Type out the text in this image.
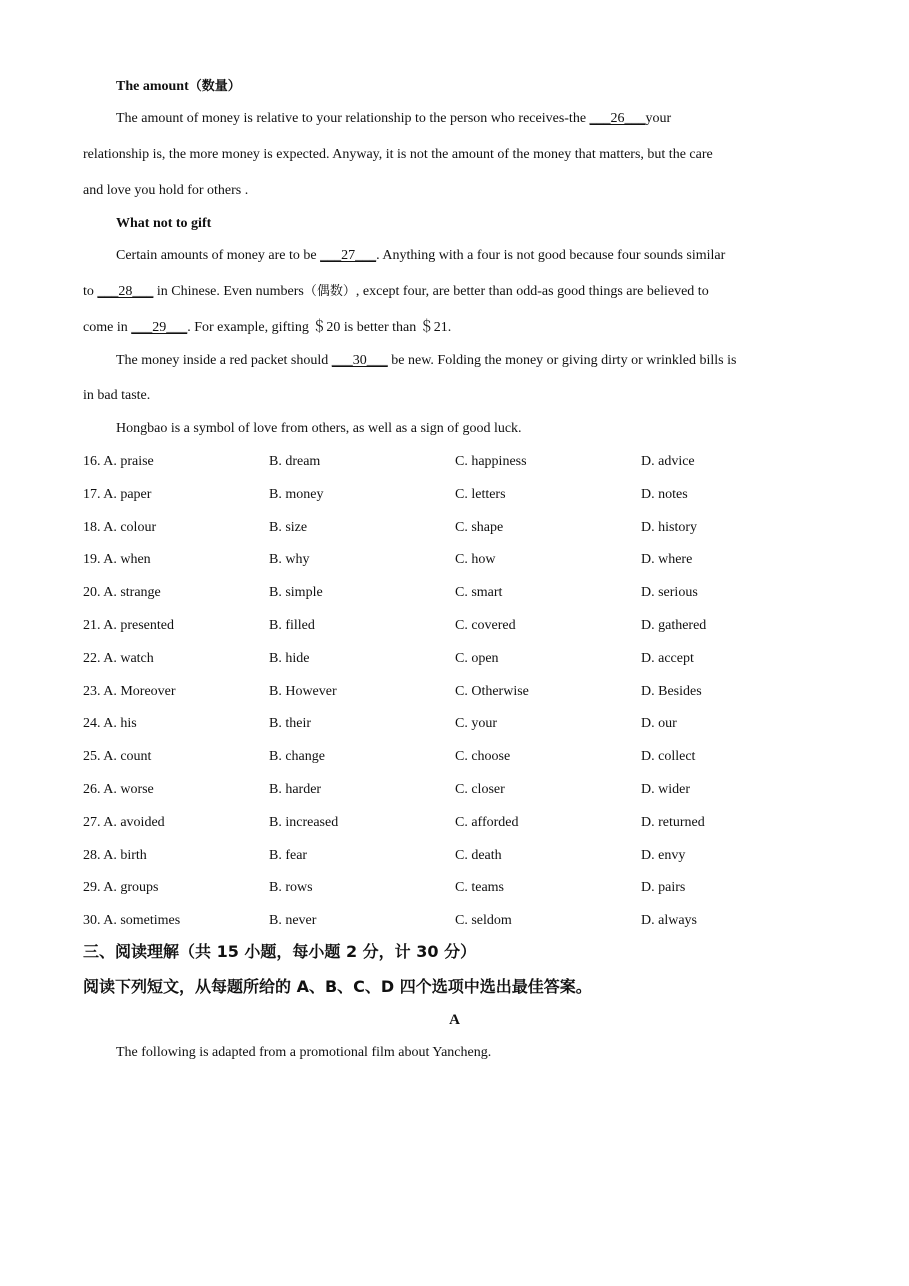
The amount（数量）
The amount of money is relative to your relationship to the person who receives-the ___26___your
relationship is, the more money is expected. Anyway, it is not the amount of the money that matters, but the care
and love you hold for others .
What not to gift
Certain amounts of money are to be ___27___. Anything with a four is not good because four sounds similar
to ___28___ in Chinese. Even numbers（偶数）, except four, are better than odd-as good things are believed to
come in ___29___. For example, gifting ＄20 is better than ＄21.
The money inside a red packet should ___30___ be new. Folding the money or giving dirty or wrinkled bills is
in bad taste.
Hongbao is a symbol of love from others, as well as a sign of good luck.
16. A. praise	B. dream	C. happiness	D. advice
17. A. paper	B. money	C. letters	D. notes
18. A. colour	B. size	C. shape	D. history
19. A. when	B. why	C. how	D. where
20. A. strange	B. simple	C. smart	D. serious
21. A. presented	B. filled	C. covered	D. gathered
22. A. watch	B. hide	C. open	D. accept
23. A. Moreover	B. However	C. Otherwise	D. Besides
24. A. his	B. their	C. your	D. our
25. A. count	B. change	C. choose	D. collect
26. A. worse	B. harder	C. closer	D. wider
27. A. avoided	B. increased	C. afforded	D. returned
28. A. birth	B. fear	C. death	D. envy
29. A. groups	B. rows	C. teams	D. pairs
30. A. sometimes	B. never	C. seldom	D. always
三、阅读理解（共 15 小题，每小题 2 分，计 30 分）
阅读下列短文，从每题所给的 A、B、C、D 四个选项中选出最佳答案。
A
The following is adapted from a promotional film about Yancheng.
